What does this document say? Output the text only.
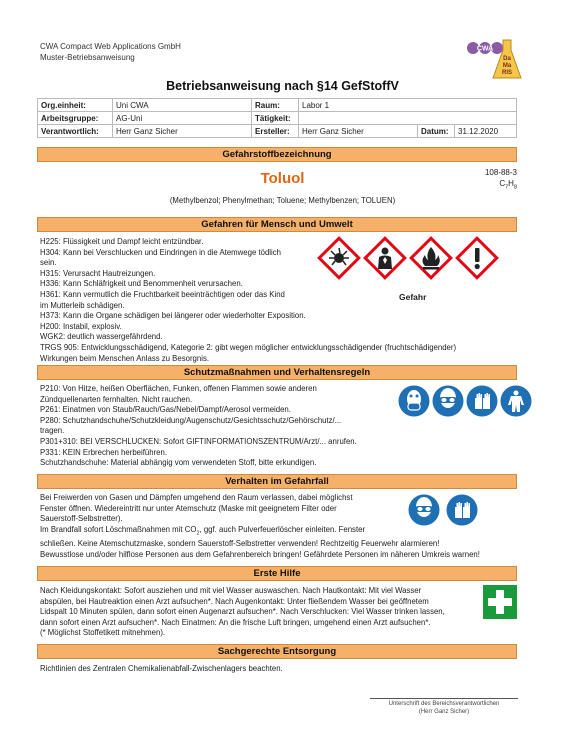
CWA Compact Web Applications GmbH
Muster-Betriebsanweisung
CWA
Da
Ma
RIS
Betriebsanweisung nach §14 GefStoffV
Org.einheit:	Uni CWA	Raum:	Labor 1		
Arbeitsgruppe:	AG-Uni	Tätigkeit:			
Verantwortlich:	Herr Ganz Sicher	Ersteller:	Herr Ganz Sicher	Datum:	31.12.2020
Gefahrstoffbezeichnung
Toluol	108-88-3
$C_7H_8$
(Methylbenzol; Phenylmethan; Toluene; Methylbenzen; TOLUEN)
Gefahren für Mensch und Umwelt
H225: Flüssigkeit und Dampf leicht entzündbar.
H304: Kann bei Verschlucken und Eindringen in die Atemwege tödlich
sein.
H315: Verursacht Hautreizungen.
H336: Kann Schläfrigkeit und Benommenheit verursachen.
H361: Kann vermutlich die Fruchtbarkeit beeinträchtigen oder das Kind
im Mutterleib schädigen.
H373: Kann die Organe schädigen bei längerer oder wiederholter Exposition.
H200: Instabil, explosiv.
WGK2: deutlich wassergefährdend.
TRGS 905: Entwicklungsschädigend, Kategorie 2: gibt wegen möglicher entwicklungsschädigender (fruchtschädigender)
Wirkungen beim Menschen Anlass zu Besorgnis.
Gefahr
Schutzmaßnahmen und Verhaltensregeln
P210: Von Hitze, heißen Oberflächen, Funken, offenen Flammen sowie anderen
Zündquellenarten fernhalten. Nicht rauchen.
P261: Einatmen von Staub/Rauch/Gas/Nebel/Dampf/Aerosol vermeiden.
P280: Schutzhandschuhe/Schutzkleidung/Augenschutz/Gesichtsschutz/Gehörschutz/...
tragen.
P301+310: BEI VERSCHLUCKEN: Sofort GIFTINFORMATIONSZENTRUM/Arzt/... anrufen.
P331: KEIN Erbrechen herbeiführen.
Schutzhandschuhe: Material abhängig vom verwendeten Stoff, bitte erkundigen.
Verhalten im Gefahrfall
Bei Freiwerden von Gasen und Dämpfen umgehend den Raum verlassen, dabei möglichst
Fenster öffnen. Wiedereintritt nur unter Atemschutz (Maske mit geeignetem Filter oder
Sauerstoff-Selbstretter).
Im Brandfall sofort Löschmaßnahmen mit $CO_2$, ggf. auch Pulverfeuerlöscher einleiten. Fenster
schließen. Keine Atemschutzmaske, sondern Sauerstoff-Selbstretter verwenden! Rechtzeitig Feuerwehr alarmieren!
Bewusstlose und/oder hilflose Personen aus dem Gefahrenbereich bringen! Gefährdete Personen im näheren Umkreis warnen!
Erste Hilfe
Nach Kleidungskontakt: Sofort ausziehen und mit viel Wasser auswaschen. Nach Hautkontakt: Mit viel Wasser
abspülen, bei Hautreaktion einen Arzt aufsuchen*. Nach Augenkontakt: Unter fließendem Wasser bei geöffnetem
Lidspalt 10 Minuten spülen, dann sofort einen Augenarzt aufsuchen*. Nach Verschlucken: Viel Wasser trinken lassen,
dann sofort einen Arzt aufsuchen*. Nach Einatmen: An die frische Luft bringen, umgehend einen Arzt aufsuchen*.
(* Möglichst Stoffetikett mitnehmen).
Sachgerechte Entsorgung
Richtlinien des Zentralen Chemikalienabfall-Zwischenlagers beachten.
Unterschrift des Bereichsverantwortlichen
(Herr Ganz Sicher)
